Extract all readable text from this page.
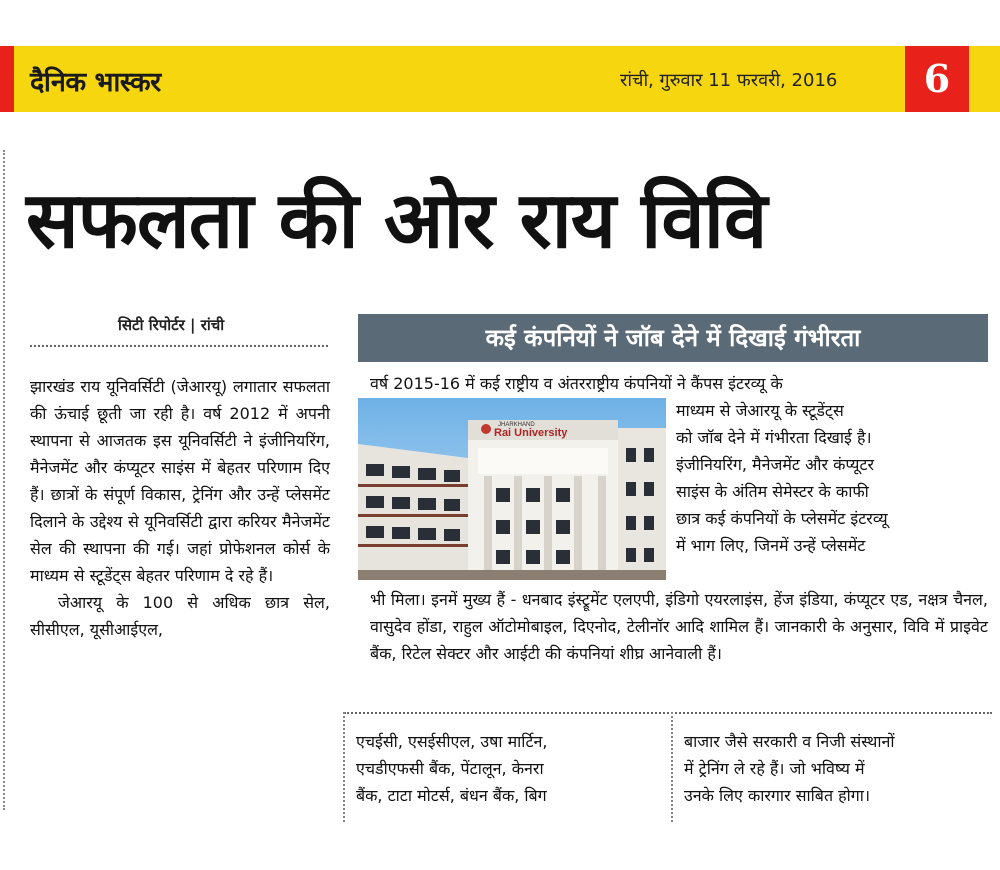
दैनिक भास्कर	रांची, गुरुवार 11 फरवरी, 2016	6
सफलता की ओर राय विवि
सिटी रिपोर्टर | रांची

झारखंड राय यूनिवर्सिटी (जेआरयू) लगातार सफलता की ऊंचाई छूती जा रही है। वर्ष 2012 में अपनी स्थापना से आजतक इस यूनिवर्सिटी ने इंजीनियरिंग, मैनेजमेंट और कंप्यूटर साइंस में बेहतर परिणाम दिए हैं। छात्रों के संपूर्ण विकास, ट्रेनिंग और उन्हें प्लेसमेंट दिलाने के उद्देश्य से यूनिवर्सिटी द्वारा करियर मैनेजमेंट सेल की स्थापना की गई। जहां प्रोफेशनल कोर्स के माध्यम से स्टूडेंट्स बेहतर परिणाम दे रहे हैं।

जेआरयू के 100 से अधिक छात्र सेल, सीसीएल, यूसीआईएल,

कई कंपनियों ने जॉब देने में दिखाई गंभीरता
वर्ष 2015-16 में कई राष्ट्रीय व अंतरराष्ट्रीय कंपनियों ने कैंपस इंटरव्यू के
JHARKHAND
Rai University
माध्यम से जेआरयू के स्टूडेंट्स
को जॉब देने में गंभीरता दिखाई है।
इंजीनियरिंग, मैनेजमेंट और कंप्यूटर
साइंस के अंतिम सेमेस्टर के काफी
छात्र कई कंपनियों के प्लेसमेंट इंटरव्यू
में भाग लिए, जिनमें उन्हें प्लेसमेंट
भी मिला। इनमें मुख्य हैं - धनबाद इंस्ट्रूमेंट एलएपी, इंडिगो एयरलाइंस, हेंज इंडिया, कंप्यूटर एड, नक्षत्र चैनल, वासुदेव होंडा, राहुल ऑटोमोबाइल, दिएनोद, टेलीनॉर आदि शामिल हैं। जानकारी के अनुसार, विवि में प्राइवेट बैंक, रिटेल सेक्टर और आईटी की कंपनियां शीघ्र आनेवाली हैं।
एचईसी, एसईसीएल, उषा मार्टिन,
एचडीएफसी बैंक, पेंटालून, केनरा
बैंक, टाटा मोटर्स, बंधन बैंक, बिग
बाजार जैसे सरकारी व निजी संस्थानों
में ट्रेनिंग ले रहे हैं। जो भविष्य में
उनके लिए कारगार साबित होगा।
